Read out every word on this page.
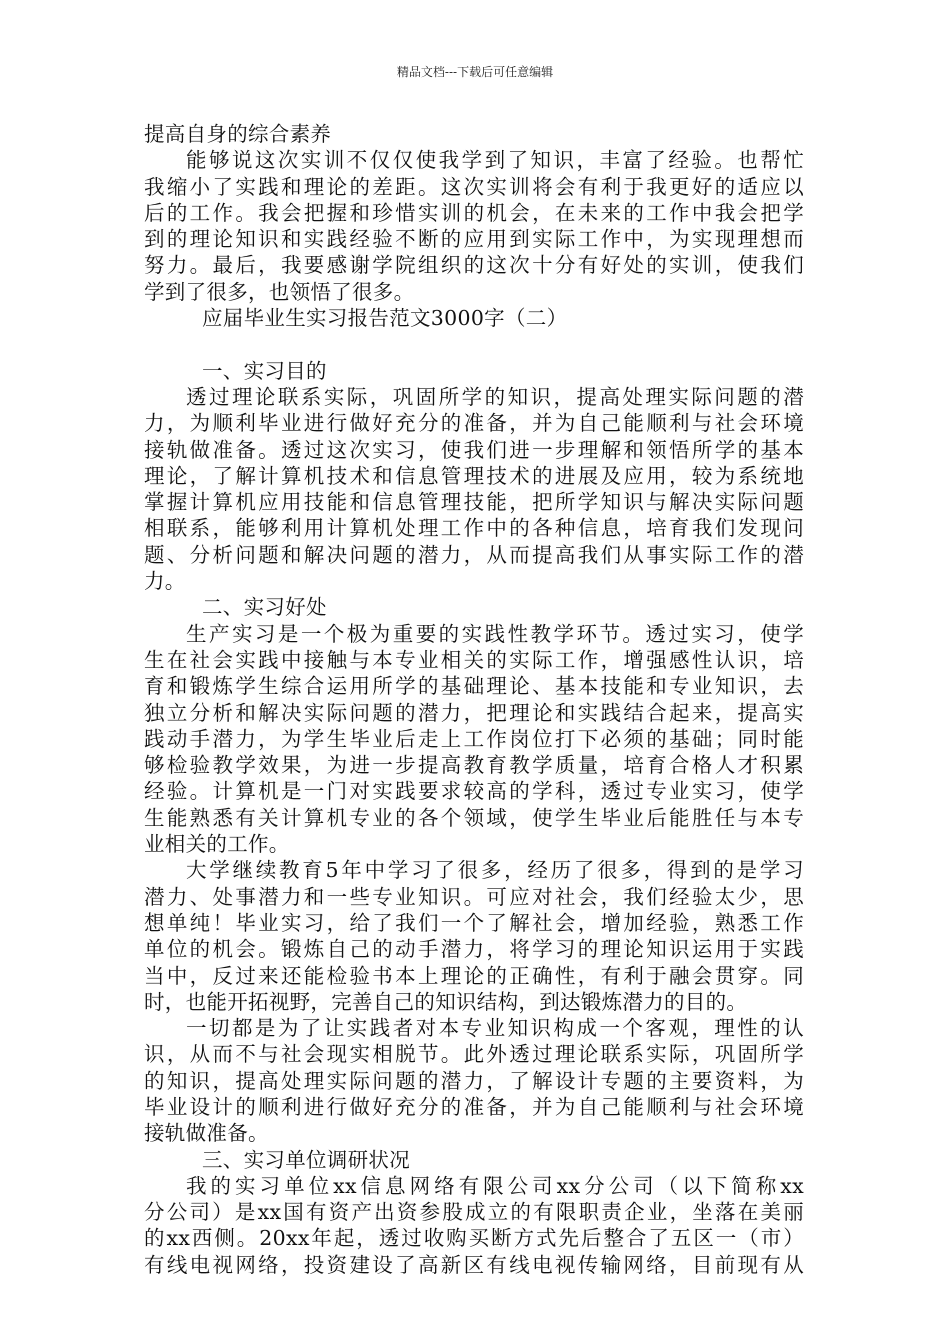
精品文档---下载后可任意编辑
提高自身的综合素养
能够说这次实训不仅仅使我学到了知识，丰富了经验。也帮忙
我缩小了实践和理论的差距。这次实训将会有利于我更好的适应以
后的工作。我会把握和珍惜实训的机会，在未来的工作中我会把学
到的理论知识和实践经验不断的应用到实际工作中，为实现理想而
努力。最后，我要感谢学院组织的这次十分有好处的实训，使我们
学到了很多，也领悟了很多。
应届毕业生实习报告范文3000字（二）
一、实习目的
透过理论联系实际，巩固所学的知识，提高处理实际问题的潜
力，为顺利毕业进行做好充分的准备，并为自己能顺利与社会环境
接轨做准备。透过这次实习，使我们进一步理解和领悟所学的基本
理论，了解计算机技术和信息管理技术的进展及应用，较为系统地
掌握计算机应用技能和信息管理技能，把所学知识与解决实际问题
相联系，能够利用计算机处理工作中的各种信息，培育我们发现问
题、分析问题和解决问题的潜力，从而提高我们从事实际工作的潜
力。
二、实习好处
生产实习是一个极为重要的实践性教学环节。透过实习，使学
生在社会实践中接触与本专业相关的实际工作，增强感性认识，培
育和锻炼学生综合运用所学的基础理论、基本技能和专业知识，去
独立分析和解决实际问题的潜力，把理论和实践结合起来，提高实
践动手潜力，为学生毕业后走上工作岗位打下必须的基础；同时能
够检验教学效果，为进一步提高教育教学质量，培育合格人才积累
经验。计算机是一门对实践要求较高的学科，透过专业实习，使学
生能熟悉有关计算机专业的各个领域，使学生毕业后能胜任与本专
业相关的工作。
大学继续教育5年中学习了很多，经历了很多，得到的是学习
潜力、处事潜力和一些专业知识。可应对社会，我们经验太少，思
想单纯！毕业实习，给了我们一个了解社会，增加经验，熟悉工作
单位的机会。锻炼自己的动手潜力，将学习的理论知识运用于实践
当中，反过来还能检验书本上理论的正确性，有利于融会贯穿。同
时，也能开拓视野，完善自己的知识结构，到达锻炼潜力的目的。
一切都是为了让实践者对本专业知识构成一个客观，理性的认
识，从而不与社会现实相脱节。此外透过理论联系实际，巩固所学
的知识，提高处理实际问题的潜力，了解设计专题的主要资料，为
毕业设计的顺利进行做好充分的准备，并为自己能顺利与社会环境
接轨做准备。
三、实习单位调研状况
我的实习单位xx信息网络有限公司xx分公司（以下简称xx
分公司）是xx国有资产出资参股成立的有限职责企业，坐落在美丽
的xx西侧。20xx年起，透过收购买断方式先后整合了五区一（市）
有线电视网络，投资建设了高新区有线电视传输网络，目前现有从
